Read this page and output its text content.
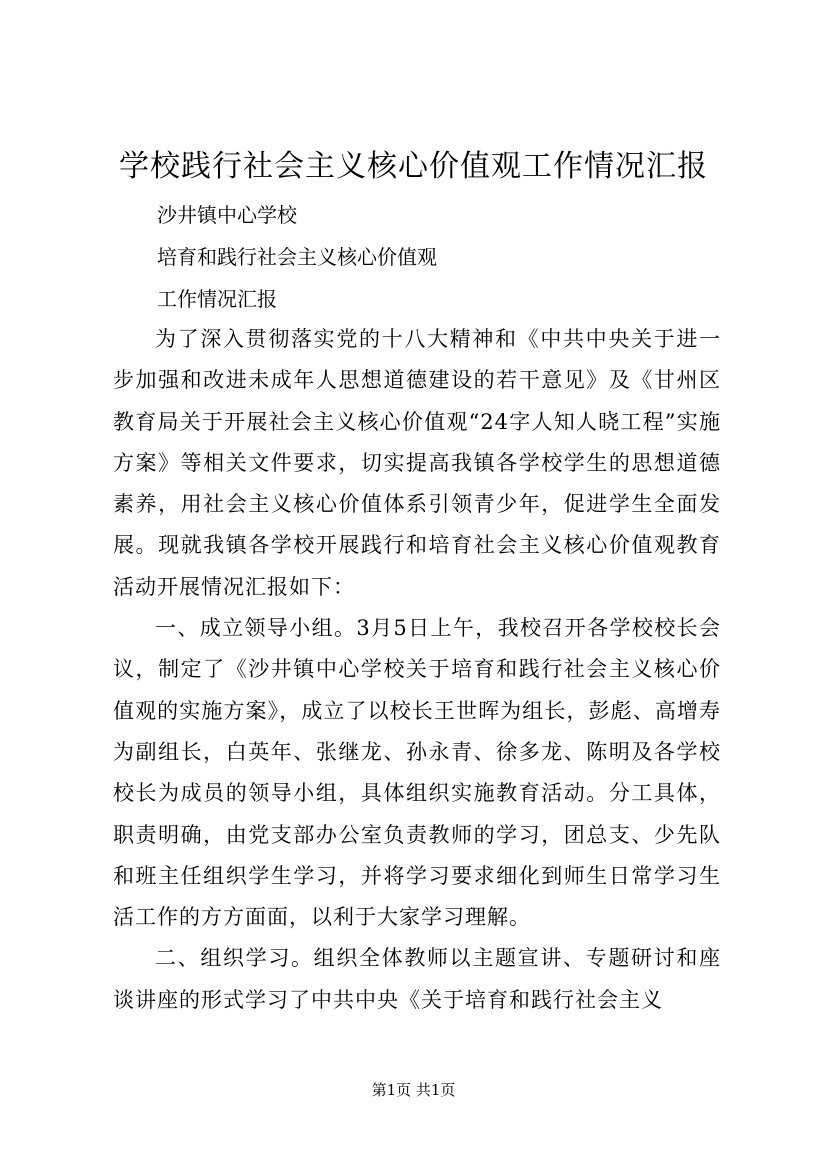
学校践行社会主义核心价值观工作情况汇报
沙井镇中心学校
培育和践行社会主义核心价值观
工作情况汇报

为了深入贯彻落实党的十八大精神和《中共中央关于进一步加强和改进未成年人思想道德建设的若干意见》及《甘州区教育局关于开展社会主义核心价值观“24字人知人晓工程”实施方案》等相关文件要求，切实提高我镇各学校学生的思想道德素养，用社会主义核心价值体系引领青少年，促进学生全面发展。现就我镇各学校开展践行和培育社会主义核心价值观教育活动开展情况汇报如下：

一、成立领导小组。3月5日上午，我校召开各学校校长会议，制定了《沙井镇中心学校关于培育和践行社会主义核心价值观的实施方案》，成立了以校长王世晖为组长，彭彪、高增寿为副组长，白英年、张继龙、孙永青、徐多龙、陈明及各学校校长为成员的领导小组，具体组织实施教育活动。分工具体，职责明确，由党支部办公室负责教师的学习，团总支、少先队和班主任组织学生学习，并将学习要求细化到师生日常学习生活工作的方方面面，以利于大家学习理解。

二、组织学习。组织全体教师以主题宣讲、专题研讨和座谈讲座的形式学习了中共中央《关于培育和践行社会主义

第1页 共1页
